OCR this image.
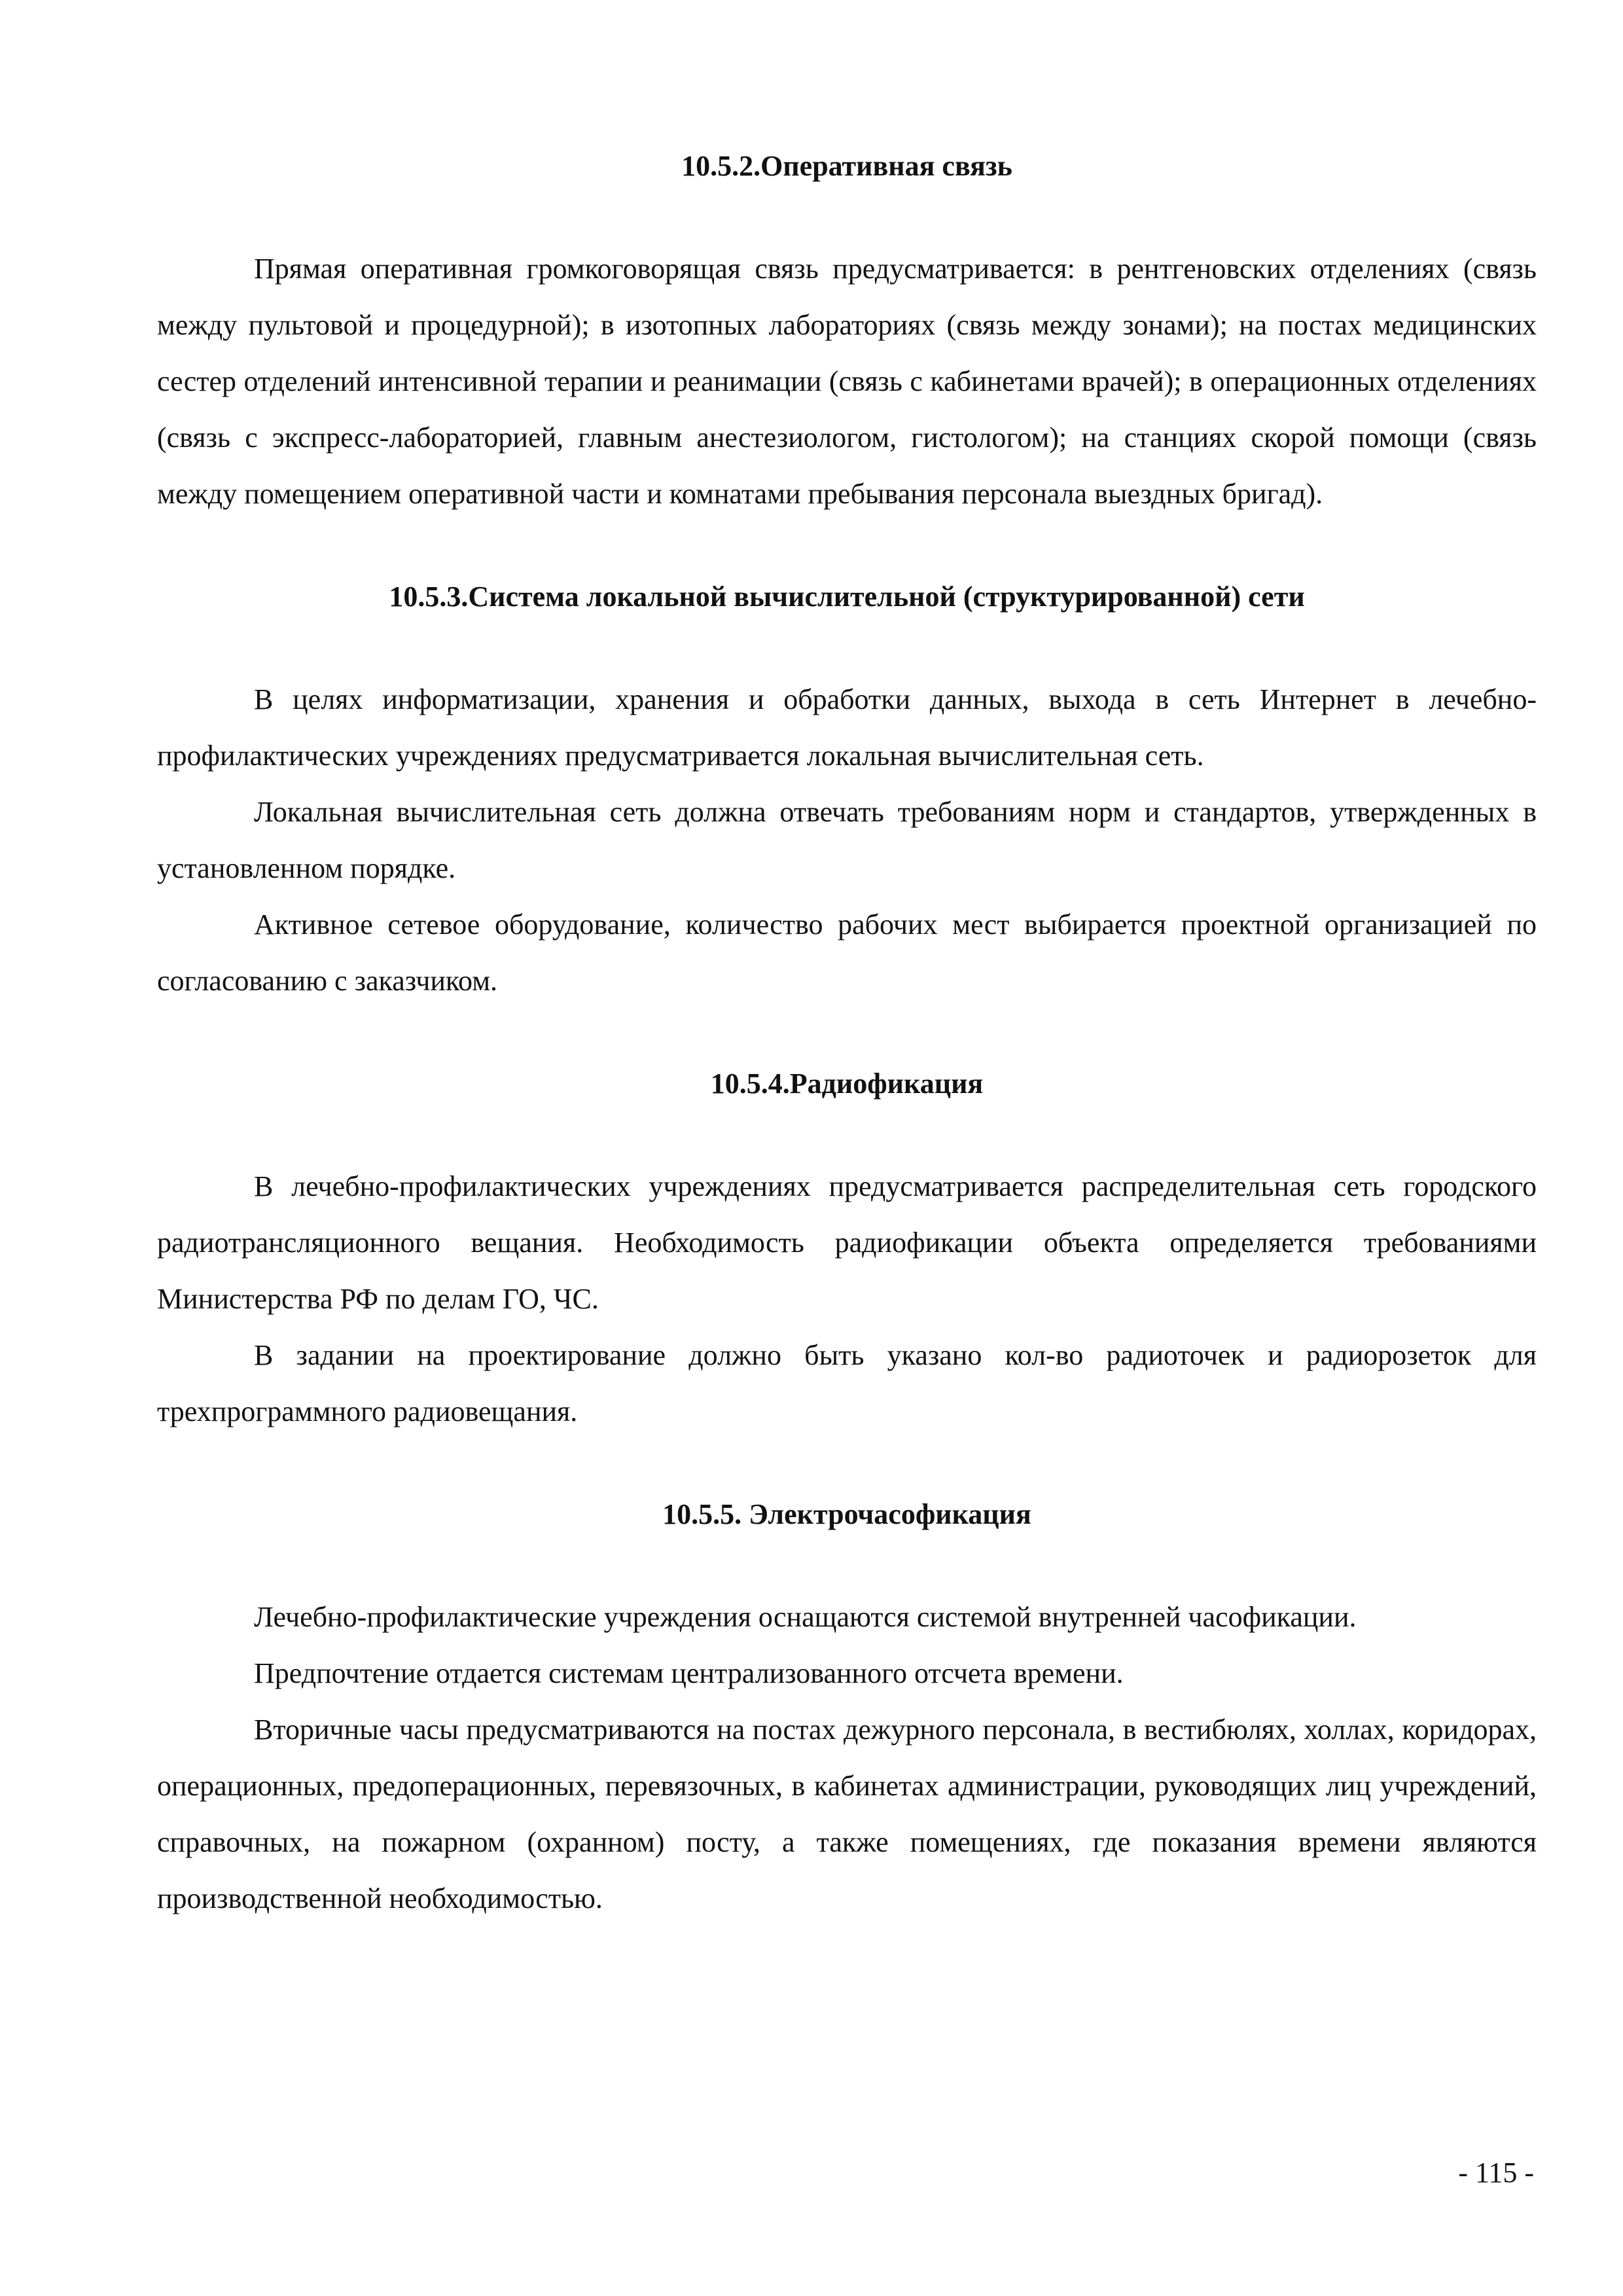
10.5.2.Оперативная связь

Прямая оперативная громкоговорящая связь предусматривается: в рентгеновских отделениях (связь между пультовой и процедурной); в изотопных лабораториях (связь между зонами); на постах медицинских сестер отделений интенсивной терапии и реанимации (связь с кабинетами врачей); в операционных отделениях (связь с экспресс-лабораторией, главным анестезиологом, гистологом); на станциях скорой помощи (связь между помещением оперативной части и комнатами пребывания персонала выездных бригад).

10.5.3.Система локальной вычислительной (структурированной) сети

В целях информатизации, хранения и обработки данных, выхода в сеть Интернет в лечебно-профилактических учреждениях предусматривается локальная вычислительная сеть.

Локальная вычислительная сеть должна отвечать требованиям норм и стандартов, утвержденных в установленном порядке.

Активное сетевое оборудование, количество рабочих мест выбирается проектной организацией по согласованию с заказчиком.

10.5.4.Радиофикация

В лечебно-профилактических учреждениях предусматривается распределительная сеть городского радиотрансляционного вещания. Необходимость радиофикации объекта определяется требованиями Министерства РФ по делам ГО, ЧС.

В задании на проектирование должно быть указано кол-во радиоточек и радиорозеток для трехпрограммного радиовещания.

10.5.5. Электрочасофикация

Лечебно-профилактические учреждения оснащаются системой внутренней часофикации.

Предпочтение отдается системам централизованного отсчета времени.

Вторичные часы предусматриваются на постах дежурного персонала, в вестибюлях, холлах, коридорах, операционных, предоперационных, перевязочных, в кабинетах администрации, руководящих лиц учреждений, справочных, на пожарном (охранном) посту, а также помещениях, где показания времени являются производственной необходимостью.

- 115 -
